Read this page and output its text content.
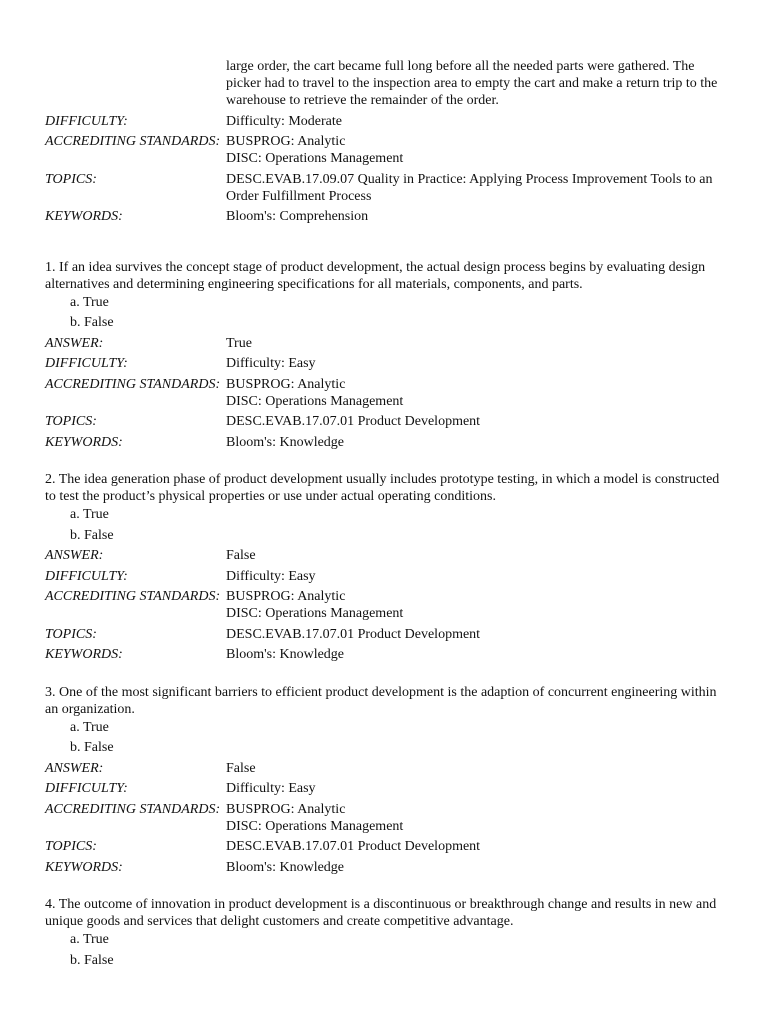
large order, the cart became full long before all the needed parts were gathered. The
picker had to travel to the inspection area to empty the cart and make a return trip to the
warehouse to retrieve the remainder of the order.
DIFFICULTY:	Difficulty: Moderate
ACCREDITING STANDARDS: BUSPROG: Analytic
DISC: Operations Management
TOPICS:	DESC.EVAB.17.09.07 Quality in Practice: Applying Process Improvement Tools to an
Order Fulfillment Process
KEYWORDS:	Bloom's: Comprehension

1. If an idea survives the concept stage of product development, the actual design process begins by evaluating design alternatives and determining engineering specifications for all materials, components, and parts.

a. True
b. False
ANSWER:	True
DIFFICULTY:	Difficulty: Easy
ACCREDITING STANDARDS: BUSPROG: Analytic
DISC: Operations Management
TOPICS:	DESC.EVAB.17.07.01 Product Development
KEYWORDS:	Bloom's: Knowledge

2. The idea generation phase of product development usually includes prototype testing, in which a model is constructed to test the product’s physical properties or use under actual operating conditions.

a. True
b. False
ANSWER:	False
DIFFICULTY:	Difficulty: Easy
ACCREDITING STANDARDS: BUSPROG: Analytic
DISC: Operations Management
TOPICS:	DESC.EVAB.17.07.01 Product Development
KEYWORDS:	Bloom's: Knowledge

3. One of the most significant barriers to efficient product development is the adaption of concurrent engineering within an organization.

a. True
b. False
ANSWER:	False
DIFFICULTY:	Difficulty: Easy
ACCREDITING STANDARDS: BUSPROG: Analytic
DISC: Operations Management
TOPICS:	DESC.EVAB.17.07.01 Product Development
KEYWORDS:	Bloom's: Knowledge

4. The outcome of innovation in product development is a discontinuous or breakthrough change and results in new and unique goods and services that delight customers and create competitive advantage.

a. True
b. False
